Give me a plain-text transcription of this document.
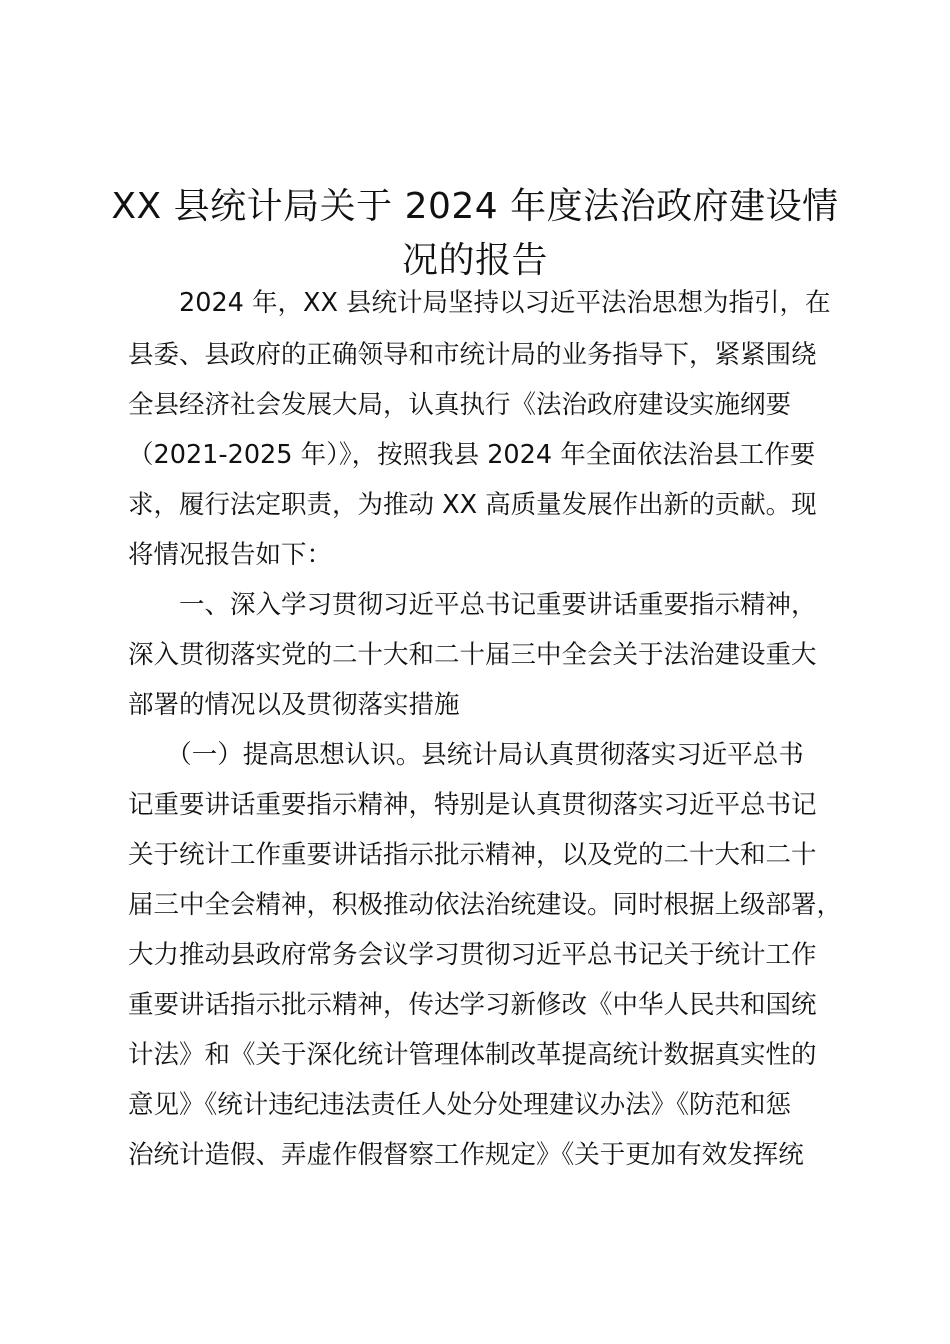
XX 县统计局关于 2024 年度法治政府建设情
况的报告

　　2024 年，XX 县统计局坚持以习近平法治思想为指引，在

县委、县政府的正确领导和市统计局的业务指导下，紧紧围绕

全县经济社会发展大局，认真执行《法治政府建设实施纲要

（2021-2025 年）》，按照我县 2024 年全面依法治县工作要

求，履行法定职责，为推动 XX 高质量发展作出新的贡献。现

将情况报告如下：

　　一、深入学习贯彻习近平总书记重要讲话重要指示精神，

深入贯彻落实党的二十大和二十届三中全会关于法治建设重大

部署的情况以及贯彻落实措施

　　（一）提高思想认识。县统计局认真贯彻落实习近平总书

记重要讲话重要指示精神，特别是认真贯彻落实习近平总书记

关于统计工作重要讲话指示批示精神，以及党的二十大和二十

届三中全会精神，积极推动依法治统建设。同时根据上级部署，

大力推动县政府常务会议学习贯彻习近平总书记关于统计工作

重要讲话指示批示精神，传达学习新修改《中华人民共和国统

计法》和《关于深化统计管理体制改革提高统计数据真实性的

意见》《统计违纪违法责任人处分处理建议办法》《防范和惩

治统计造假、弄虚作假督察工作规定》《关于更加有效发挥统
